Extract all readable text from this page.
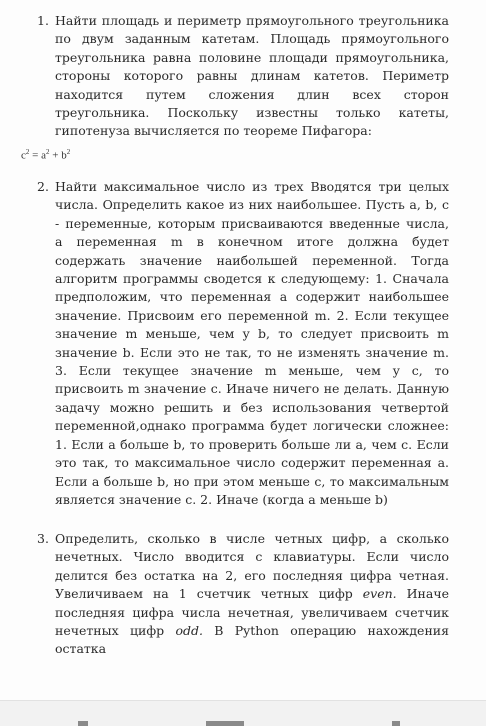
1. Найти площадь и периметр прямоугольного треугольника по двум заданным катетам. Площадь прямоугольного треугольника равна половине площади прямоугольника, стороны которого равны длинам катетов. Периметр находится путем сложения длин всех сторон треугольника. Поскольку известны только катеты, гипотенуза вычисляется по теореме Пифагора:
$c^2 = a^2 + b^2$
2. Найти максимальное число из трех Вводятся три целых числа. Определить какое из них наибольшее. Пусть a, b, c - переменные, которым присваиваются введенные числа, а переменная m в конечном итоге должна будет содержать значение наибольшей переменной. Тогда алгоритм программы сводется к следующему: 1. Сначала предположим, что переменная a содержит наибольшее значение. Присвоим его переменной m. 2. Если текущее значение m меньше, чем у b, то следует присвоить m значение b. Если это не так, то не изменять значение m. 3. Если текущее значение m меньше, чем у c, то присвоить m значение c. Иначе ничего не делать. Данную задачу можно решить и без использования четвертой переменной,однако программа будет логически сложнее: 1. Если a больше b, то проверить больше ли a, чем c. Если это так, то максимальное число содержит переменная a. Если a больше b, но при этом меньше c, то максимальным является значение c. 2. Иначе (когда a меньше b)
3. Определить, сколько в числе четных цифр, а сколько нечетных. Число вводится с клавиатуры. Если число делится без остатка на 2, его последняя цифра четная. Увеличиваем на 1 счетчик четных цифр even. Иначе последняя цифра числа нечетная, увеличиваем счетчик нечетных цифр odd. В Python операцию нахождения остатка
